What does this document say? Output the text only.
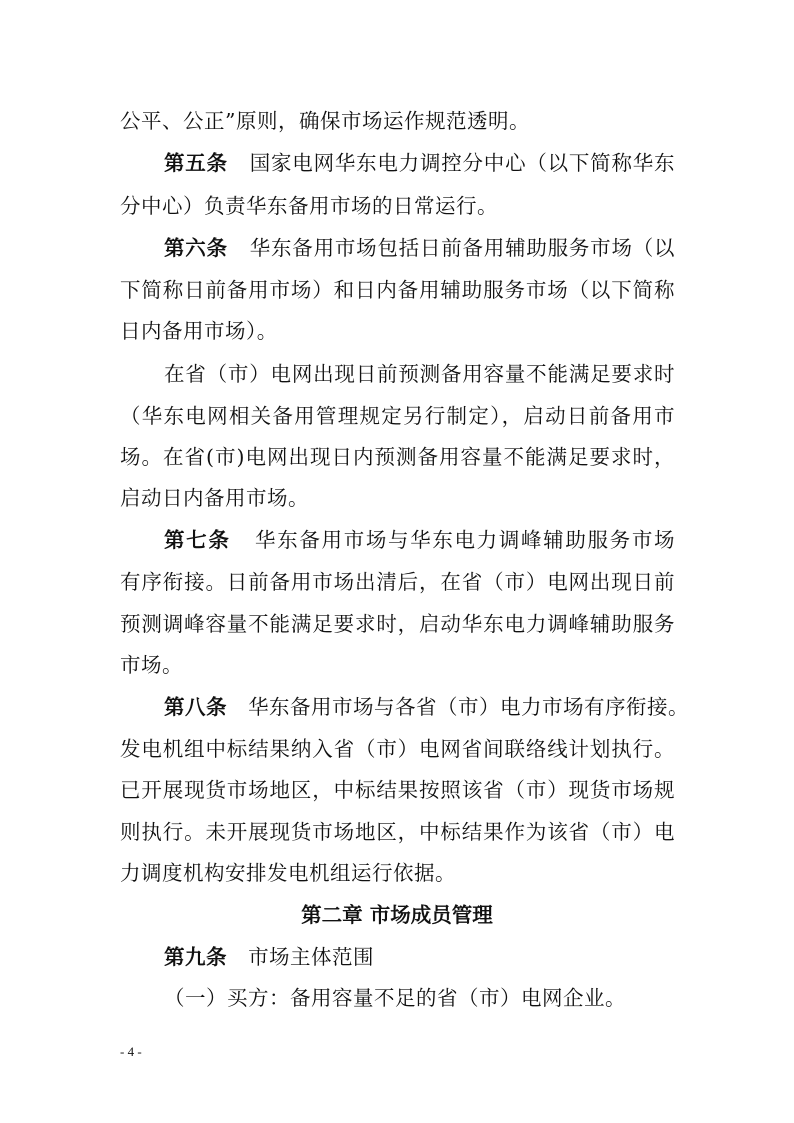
公平、公正”原则，确保市场运作规范透明。
第五条 国家电网华东电力调控分中心（以下简称华东
分中心）负责华东备用市场的日常运行。
第六条 华东备用市场包括日前备用辅助服务市场（以
下简称日前备用市场）和日内备用辅助服务市场（以下简称
日内备用市场）。
在省（市）电网出现日前预测备用容量不能满足要求时
（华东电网相关备用管理规定另行制定），启动日前备用市
场。在省(市)电网出现日内预测备用容量不能满足要求时，
启动日内备用市场。
第七条 华东备用市场与华东电力调峰辅助服务市场
有序衔接。日前备用市场出清后，在省（市）电网出现日前
预测调峰容量不能满足要求时，启动华东电力调峰辅助服务
市场。
第八条 华东备用市场与各省（市）电力市场有序衔接。
发电机组中标结果纳入省（市）电网省间联络线计划执行。
已开展现货市场地区，中标结果按照该省（市）现货市场规
则执行。未开展现货市场地区，中标结果作为该省（市）电
力调度机构安排发电机组运行依据。
第二章 市场成员管理
第九条 市场主体范围
（一）买方：备用容量不足的省（市）电网企业。
- 4 -
